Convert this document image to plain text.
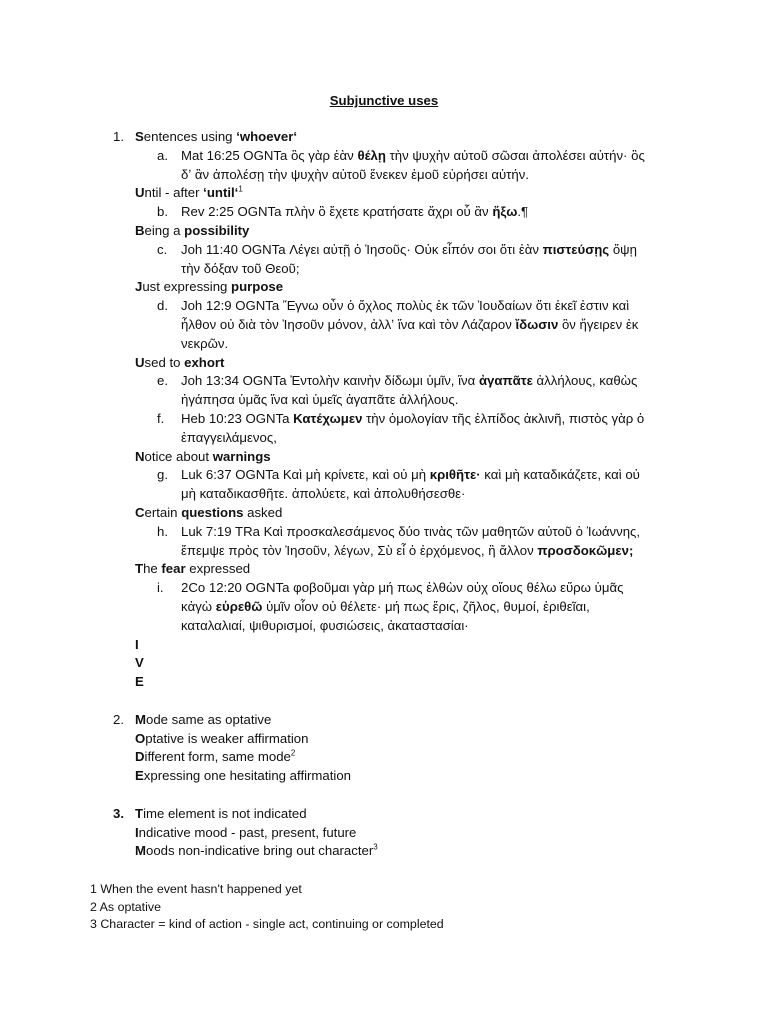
Subjunctive uses
1. Sentences using ‘whoever‘
a. Mat 16:25 OGNTa ὃς γὰρ ἐὰν θέλῃ τὴν ψυχὴν αὐτοῦ σῶσαι ἀπολέσει αὐτήν· ὃς
δʼ ἂν ἀπολέσῃ τὴν ψυχὴν αὐτοῦ ἕνεκεν ἐμοῦ εὑρήσει αὐτήν.
Until - after ‘until‘$^1$
b. Rev 2:25 OGNTa πλὴν ὃ ἔχετε κρατήσατε ἄχρι οὗ ἂν ἥξω.¶
Being a possibility
c. Joh 11:40 OGNTa Λέγει αὐτῇ ὁ Ἰησοῦς· Οὐκ εἶπόν σοι ὅτι ἐὰν πιστεύσῃς ὄψῃ
τὴν δόξαν τοῦ Θεοῦ;
Just expressing purpose
d. Joh 12:9 OGNTa Ἔγνω οὖν ὁ ὄχλος πολὺς ἐκ τῶν Ἰουδαίων ὅτι ἐκεῖ ἐστιν καὶ
ἦλθον οὐ διὰ τὸν Ἰησοῦν μόνον, ἀλλʼ ἵνα καὶ τὸν Λάζαρον ἴδωσιν ὃν ἤγειρεν ἐκ
νεκρῶν.
Used to exhort
e. Joh 13:34 OGNTa Ἐντολὴν καινὴν δίδωμι ὑμῖν, ἵνα ἀγαπᾶτε ἀλλήλους, καθὼς
ἠγάπησα ὑμᾶς ἵνα καὶ ὑμεῖς ἀγαπᾶτε ἀλλήλους.
f. Heb 10:23 OGNTa Κατέχωμεν τὴν ὁμολογίαν τῆς ἐλπίδος ἀκλινῆ, πιστὸς γὰρ ὁ
ἐπαγγειλάμενος,
Notice about warnings
g. Luk 6:37 OGNTa Καὶ μὴ κρίνετε, καὶ οὐ μὴ κριθῆτε· καὶ μὴ καταδικάζετε, καὶ οὐ
μὴ καταδικασθῆτε. ἀπολύετε, καὶ ἀπολυθήσεσθε·
Certain questions asked
h. Luk 7:19 TRa Καὶ προσκαλεσάμενος δύο τινὰς τῶν μαθητῶν αὐτοῦ ὁ Ἰωάννης,
ἔπεμψε πρὸς τὸν Ἰησοῦν, λέγων, Σὺ εἶ ὁ ἐρχόμενος, ἢ ἄλλον προσδοκῶμεν;
The fear expressed
i. 2Co 12:20 OGNTa φοβοῦμαι γὰρ μή πως ἐλθὼν οὐχ οἵους θέλω εὕρω ὑμᾶς
κἀγὼ εὑρεθῶ ὑμῖν οἷον οὐ θέλετε· μή πως ἔρις, ζῆλος, θυμοί, ἐριθεῖαι,
καταλαλιαί, ψιθυρισμοί, φυσιώσεις, ἀκαταστασίαι·
I
V
E
2. Mode same as optative
Optative is weaker affirmation
Different form, same mode$^2$
Expressing one hesitating affirmation
3. Time element is not indicated
Indicative mood - past, present, future
Moods non-indicative bring out character$^3$
1 When the event hasn't happened yet
2 As optative
3 Character = kind of action - single act, continuing or completed
